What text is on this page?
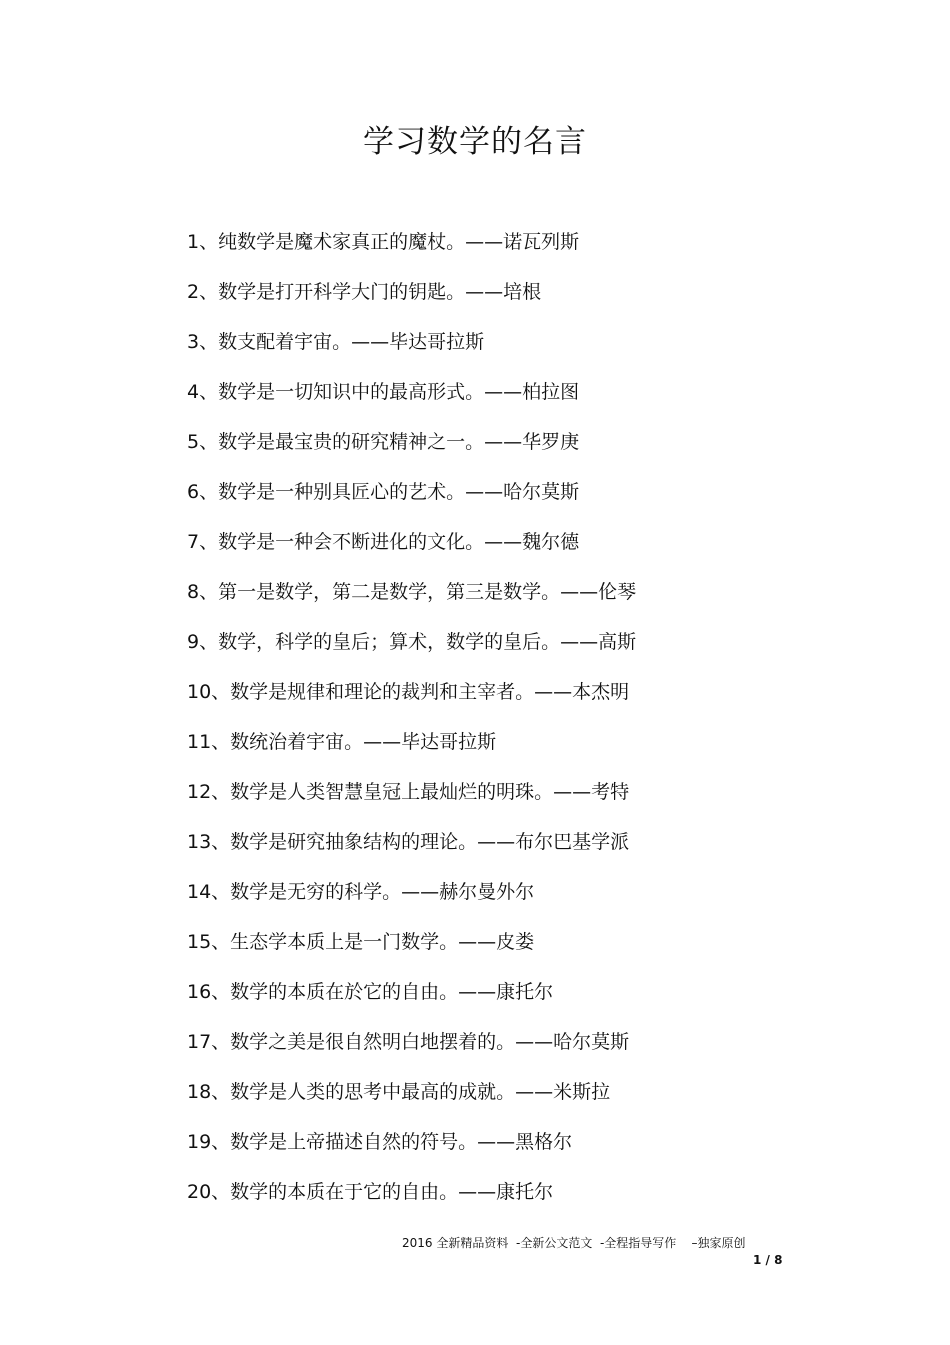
学习数学的名言
1、纯数学是魔术家真正的魔杖。——诺瓦列斯
2、数学是打开科学大门的钥匙。——培根
3、数支配着宇宙。——毕达哥拉斯
4、数学是一切知识中的最高形式。——柏拉图
5、数学是最宝贵的研究精神之一。——华罗庚
6、数学是一种别具匠心的艺术。——哈尔莫斯
7、数学是一种会不断进化的文化。——魏尔德
8、第一是数学，第二是数学，第三是数学。——伦琴
9、数学，科学的皇后；算术，数学的皇后。——高斯
10、数学是规律和理论的裁判和主宰者。——本杰明
11、数统治着宇宙。——毕达哥拉斯
12、数学是人类智慧皇冠上最灿烂的明珠。——考特
13、数学是研究抽象结构的理论。——布尔巴基学派
14、数学是无穷的科学。——赫尔曼外尔
15、生态学本质上是一门数学。——皮娄
16、数学的本质在於它的自由。——康托尔
17、数学之美是很自然明白地摆着的。——哈尔莫斯
18、数学是人类的思考中最高的成就。——米斯拉
19、数学是上帝描述自然的符号。——黑格尔
20、数学的本质在于它的自由。——康托尔
2016 全新精品资料  -全新公文范文  -全程指导写作    –独家原创
1 / 8
